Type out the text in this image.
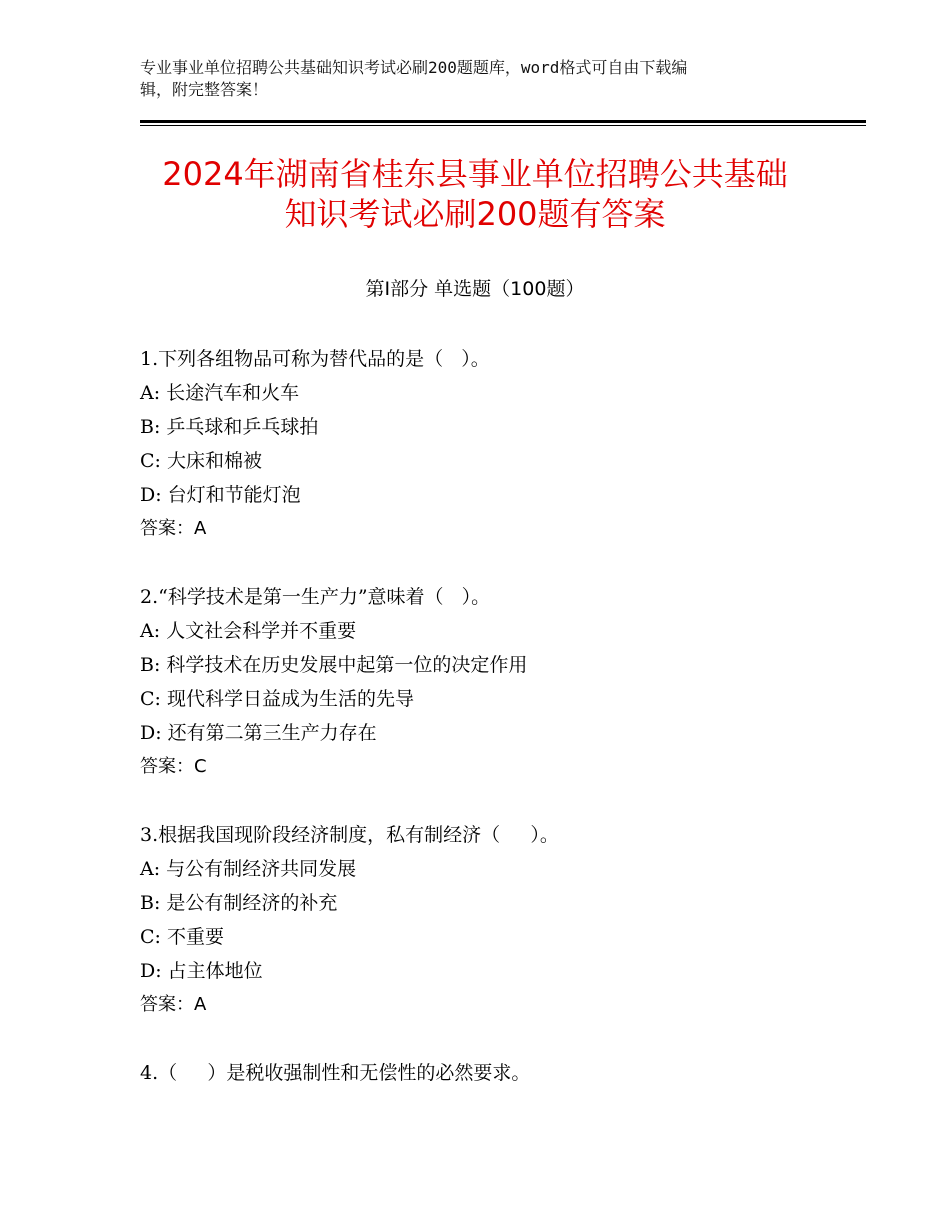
专业事业单位招聘公共基础知识考试必刷200题题库，word格式可自由下载编
辑，附完整答案！
2024年湖南省桂东县事业单位招聘公共基础
知识考试必刷200题有答案
第Ⅰ部分 单选题（100题）
1.下列各组物品可称为替代品的是（   ）。
A: 长途汽车和火车
B: 乒乓球和乒乓球拍
C: 大床和棉被
D: 台灯和节能灯泡
答案：A
2.“科学技术是第一生产力”意味着（   ）。
A: 人文社会科学并不重要
B: 科学技术在历史发展中起第一位的决定作用
C: 现代科学日益成为生活的先导
D: 还有第二第三生产力存在
答案：C
3.根据我国现阶段经济制度，私有制经济（     ）。
A: 与公有制经济共同发展
B: 是公有制经济的补充
C: 不重要
D: 占主体地位
答案：A
4.（     ）是税收强制性和无偿性的必然要求。
